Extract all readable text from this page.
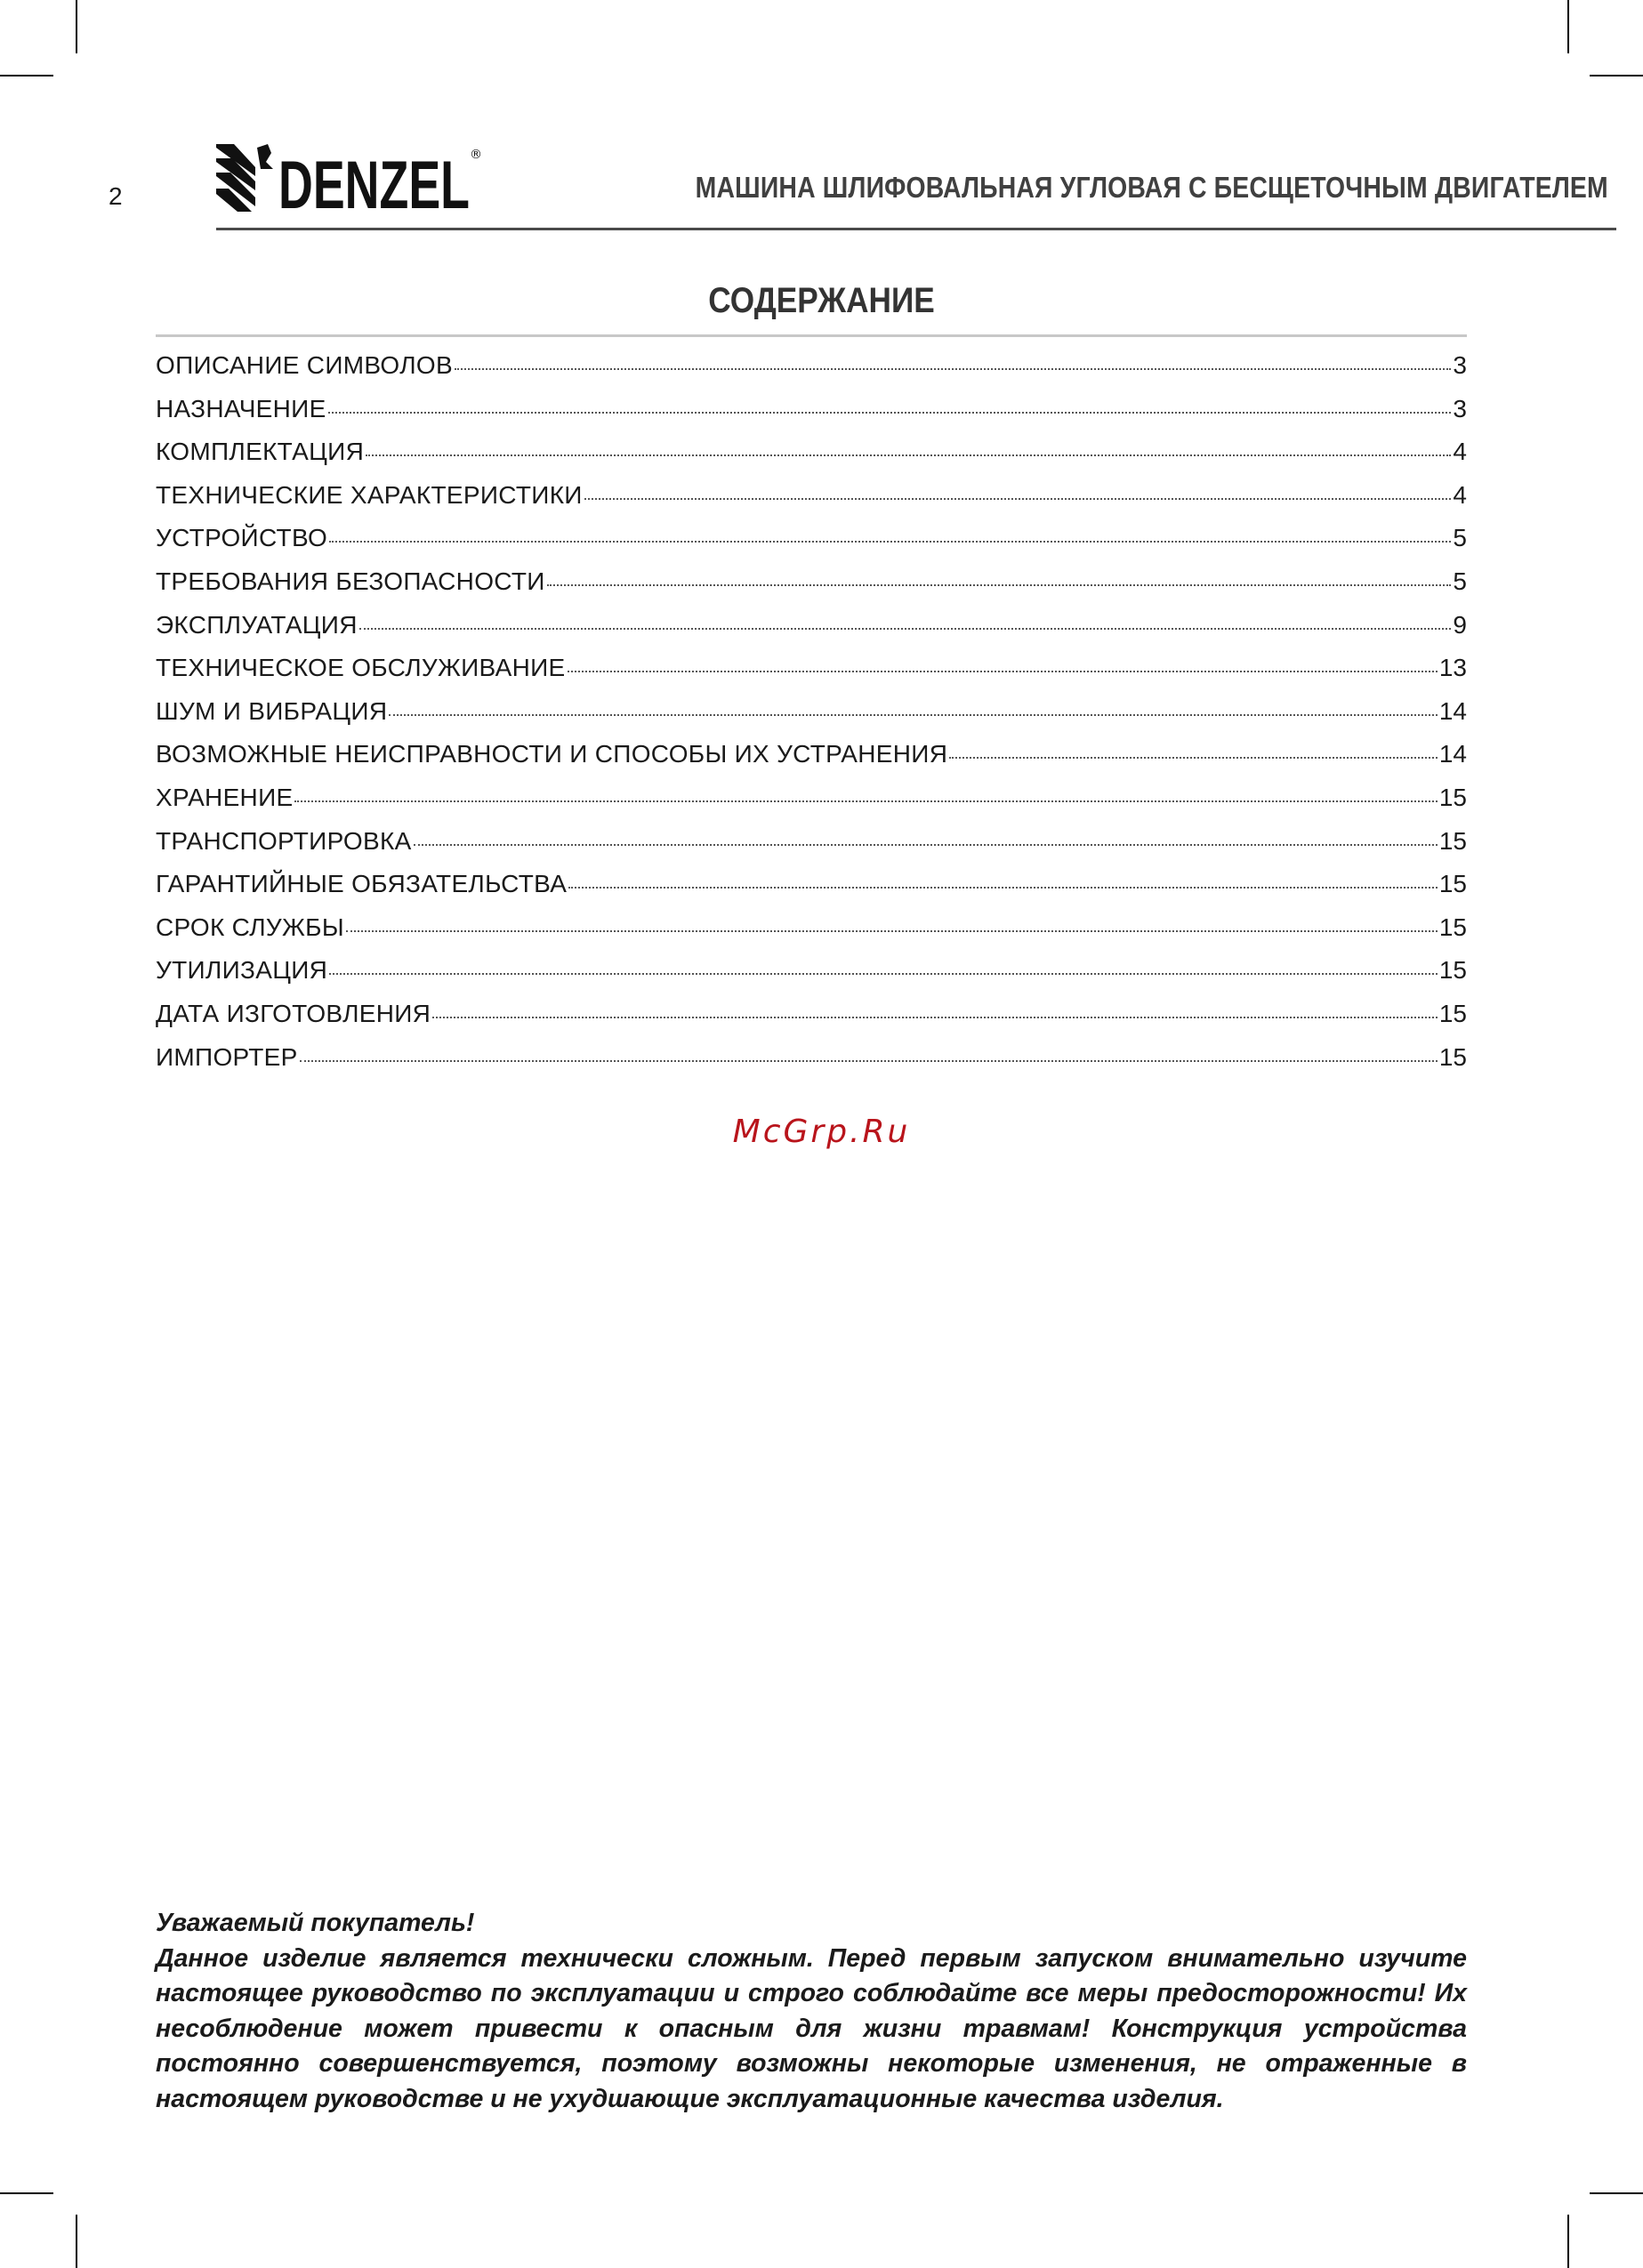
2 DENZEL ®
МАШИНА ШЛИФОВАЛЬНАЯ УГЛОВАЯ С БЕСЩЕТОЧНЫМ ДВИГАТЕЛЕМ
СОДЕРЖАНИЕ
ОПИСАНИЕ СИМВОЛОВ	3
НАЗНАЧЕНИЕ	3
КОМПЛЕКТАЦИЯ	4
ТЕХНИЧЕСКИЕ ХАРАКТЕРИСТИКИ	4
УСТРОЙСТВО	5
ТРЕБОВАНИЯ БЕЗОПАСНОСТИ	5
ЭКСПЛУАТАЦИЯ	9
ТЕХНИЧЕСКОЕ ОБСЛУЖИВАНИЕ	13
ШУМ И ВИБРАЦИЯ	14
ВОЗМОЖНЫЕ НЕИСПРАВНОСТИ И СПОСОБЫ ИХ УСТРАНЕНИЯ	14
ХРАНЕНИЕ	15
ТРАНСПОРТИРОВКА	15
ГАРАНТИЙНЫЕ ОБЯЗАТЕЛЬСТВА	15
СРОК СЛУЖБЫ	15
УТИЛИЗАЦИЯ	15
ДАТА ИЗГОТОВЛЕНИЯ	15
ИМПОРТЕР	15
McGrp.Ru

Уважаемый покупатель!

Данное изделие является технически сложным. Перед первым запуском внимательно изучите настоящее руководство по эксплуатации и строго соблюдайте все меры предосторожности! Их несоблюдение может привести к опасным для жизни травмам! Конструкция устройства постоянно совершенствуется, поэтому возможны некоторые изменения, не отраженные в настоящем руководстве и не ухудшающие эксплуатационные качества изделия.
